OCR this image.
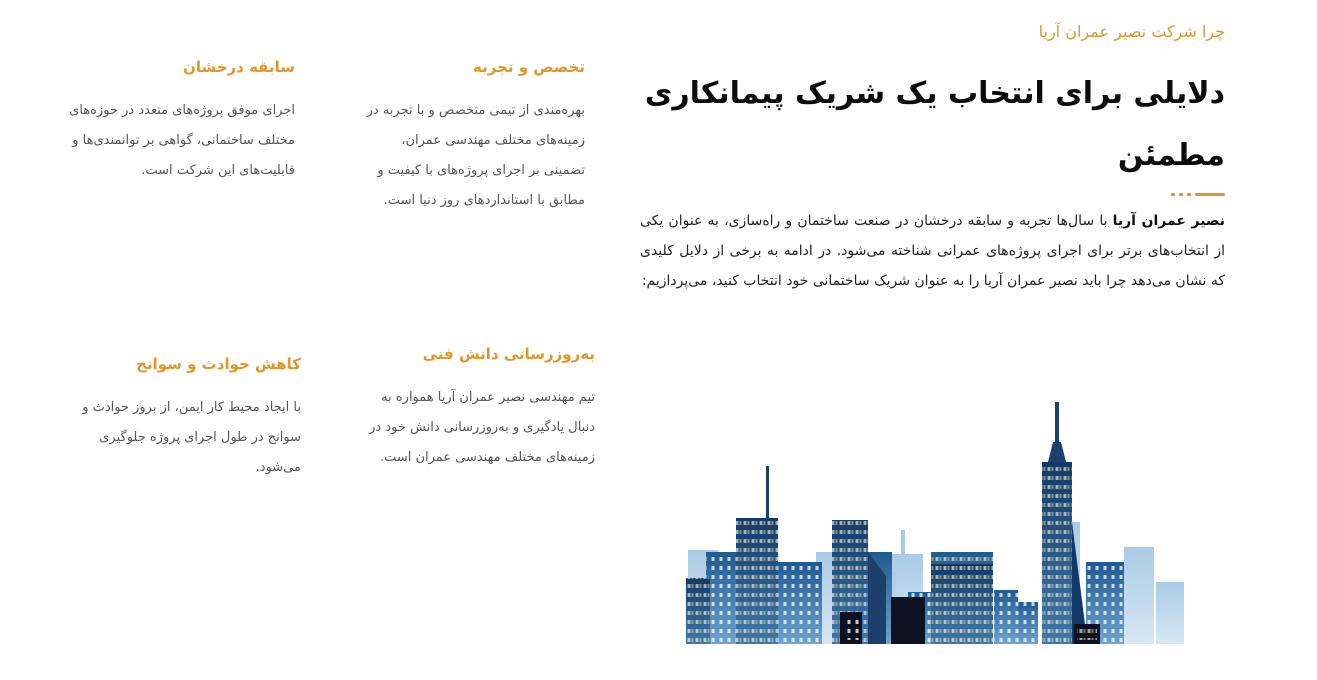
چرا شرکت نصیر عمران آریا

دلایلی برای انتخاب یک شریک پیمانکاری
مطمئن

نصیر عمران آریا با سال‌ها تجربه و سابقه درخشان در صنعت ساختمان و راه‌سازی، به عنوان یکی از انتخاب‌های برتر برای اجرای پروژه‌های عمرانی شناخته می‌شود. در ادامه به برخی از دلایل کلیدی که نشان می‌دهد چرا باید نصیر عمران آریا را به عنوان شریک ساختمانی خود انتخاب کنید، می‌پردازیم:

تخصص و تجربه

بهره‌مندی از تیمی متخصص و با تجربه در زمینه‌های مختلف مهندسی عمران، تضمینی بر اجرای پروژه‌های با کیفیت و مطابق با استانداردهای روز دنیا است.

سابقه درخشان

اجرای موفق پروژه‌های متعدد در حوزه‌های مختلف ساختمانی، گواهی بر توانمندی‌ها و قابلیت‌های این شرکت است.

به‌روزرسانی دانش فنی

تیم مهندسی نصیر عمران آریا همواره به دنبال یادگیری و به‌روزرسانی دانش خود در زمینه‌های مختلف مهندسی عمران است.

کاهش حوادث و سوانح

با ایجاد محیط کار ایمن، از بروز حوادث و سوانح در طول اجرای پروژه جلوگیری می‌شود.
